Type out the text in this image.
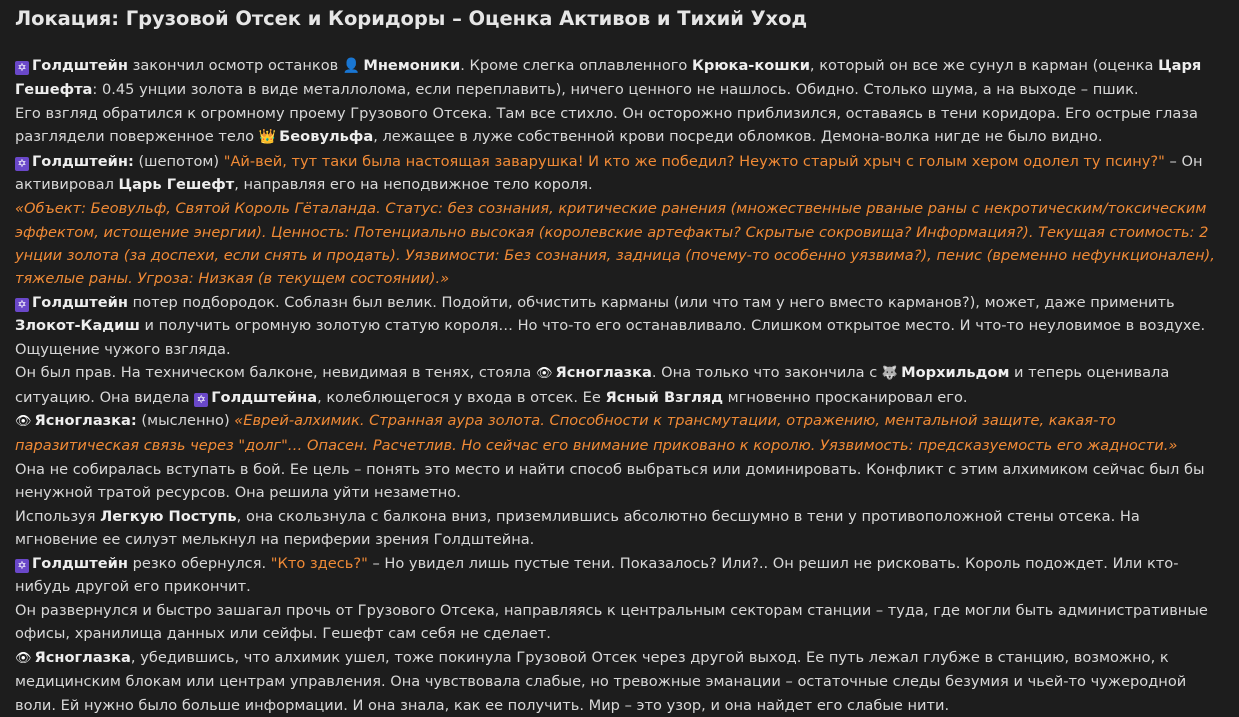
Локация: Грузовой Отсек и Коридоры – Оценка Активов и Тихий Уход

✡ Голдштейн закончил осмотр останков 👤 Мнемоники. Кроме слегка оплавленного Крюка-кошки, который он все же сунул в карман (оценка Царя Гешефта: 0.45 унции золота в виде металлолома, если переплавить), ничего ценного не нашлось. Обидно. Столько шума, а на выходе – пшик.

Его взгляд обратился к огромному проему Грузового Отсека. Там все стихло. Он осторожно приблизился, оставаясь в тени коридора. Его острые глаза разглядели поверженное тело 👑 Беовульфа, лежащее в луже собственной крови посреди обломков. Демона-волка нигде не было видно.

✡ Голдштейн: (шепотом) "Ай-вей, тут таки была настоящая заварушка! И кто же победил? Неужто старый хрыч с голым хером одолел ту псину?" – Он активировал Царь Гешефт, направляя его на неподвижное тело короля.

«Объект: Беовульф, Святой Король Гёталанда. Статус: без сознания, критические ранения (множественные рваные раны с некротическим/токсическим эффектом, истощение энергии). Ценность: Потенциально высокая (королевские артефакты? Скрытые сокровища? Информация?). Текущая стоимость: 2 унции золота (за доспехи, если снять и продать). Уязвимости: Без сознания, задница (почему-то особенно уязвима?), пенис (временно нефункционален), тяжелые раны. Угроза: Низкая (в текущем состоянии).»

✡ Голдштейн потер подбородок. Соблазн был велик. Подойти, обчистить карманы (или что там у него вместо карманов?), может, даже применить Злокот-Кадиш и получить огромную золотую статую короля… Но что-то его останавливало. Слишком открытое место. И что-то неуловимое в воздухе. Ощущение чужого взгляда.

Он был прав. На техническом балконе, невидимая в тенях, стояла 👁 Ясноглазка. Она только что закончила с 🐺 Морхильдом и теперь оценивала ситуацию. Она видела ✡ Голдштейна, колеблющегося у входа в отсек. Ее Ясный Взгляд мгновенно просканировал его.

👁 Ясноглазка: (мысленно) «Еврей-алхимик. Странная аура золота. Способности к трансмутации, отражению, ментальной защите, какая-то паразитическая связь через "долг"… Опасен. Расчетлив. Но сейчас его внимание приковано к королю. Уязвимость: предсказуемость его жадности.»

Она не собиралась вступать в бой. Ее цель – понять это место и найти способ выбраться или доминировать. Конфликт с этим алхимиком сейчас был бы ненужной тратой ресурсов. Она решила уйти незаметно.

Используя Легкую Поступь, она скользнула с балкона вниз, приземлившись абсолютно бесшумно в тени у противоположной стены отсека. На мгновение ее силуэт мелькнул на периферии зрения Голдштейна.

✡ Голдштейн резко обернулся. "Кто здесь?" – Но увидел лишь пустые тени. Показалось? Или?.. Он решил не рисковать. Король подождет. Или кто-нибудь другой его прикончит.

Он развернулся и быстро зашагал прочь от Грузового Отсека, направляясь к центральным секторам станции – туда, где могли быть административные офисы, хранилища данных или сейфы. Гешефт сам себя не сделает.

👁 Ясноглазка, убедившись, что алхимик ушел, тоже покинула Грузовой Отсек через другой выход. Ее путь лежал глубже в станцию, возможно, к медицинским блокам или центрам управления. Она чувствовала слабые, но тревожные эманации – остаточные следы безумия и чьей-то чужеродной воли. Ей нужно было больше информации. И она знала, как ее получить. Мир – это узор, и она найдет его слабые нити.
